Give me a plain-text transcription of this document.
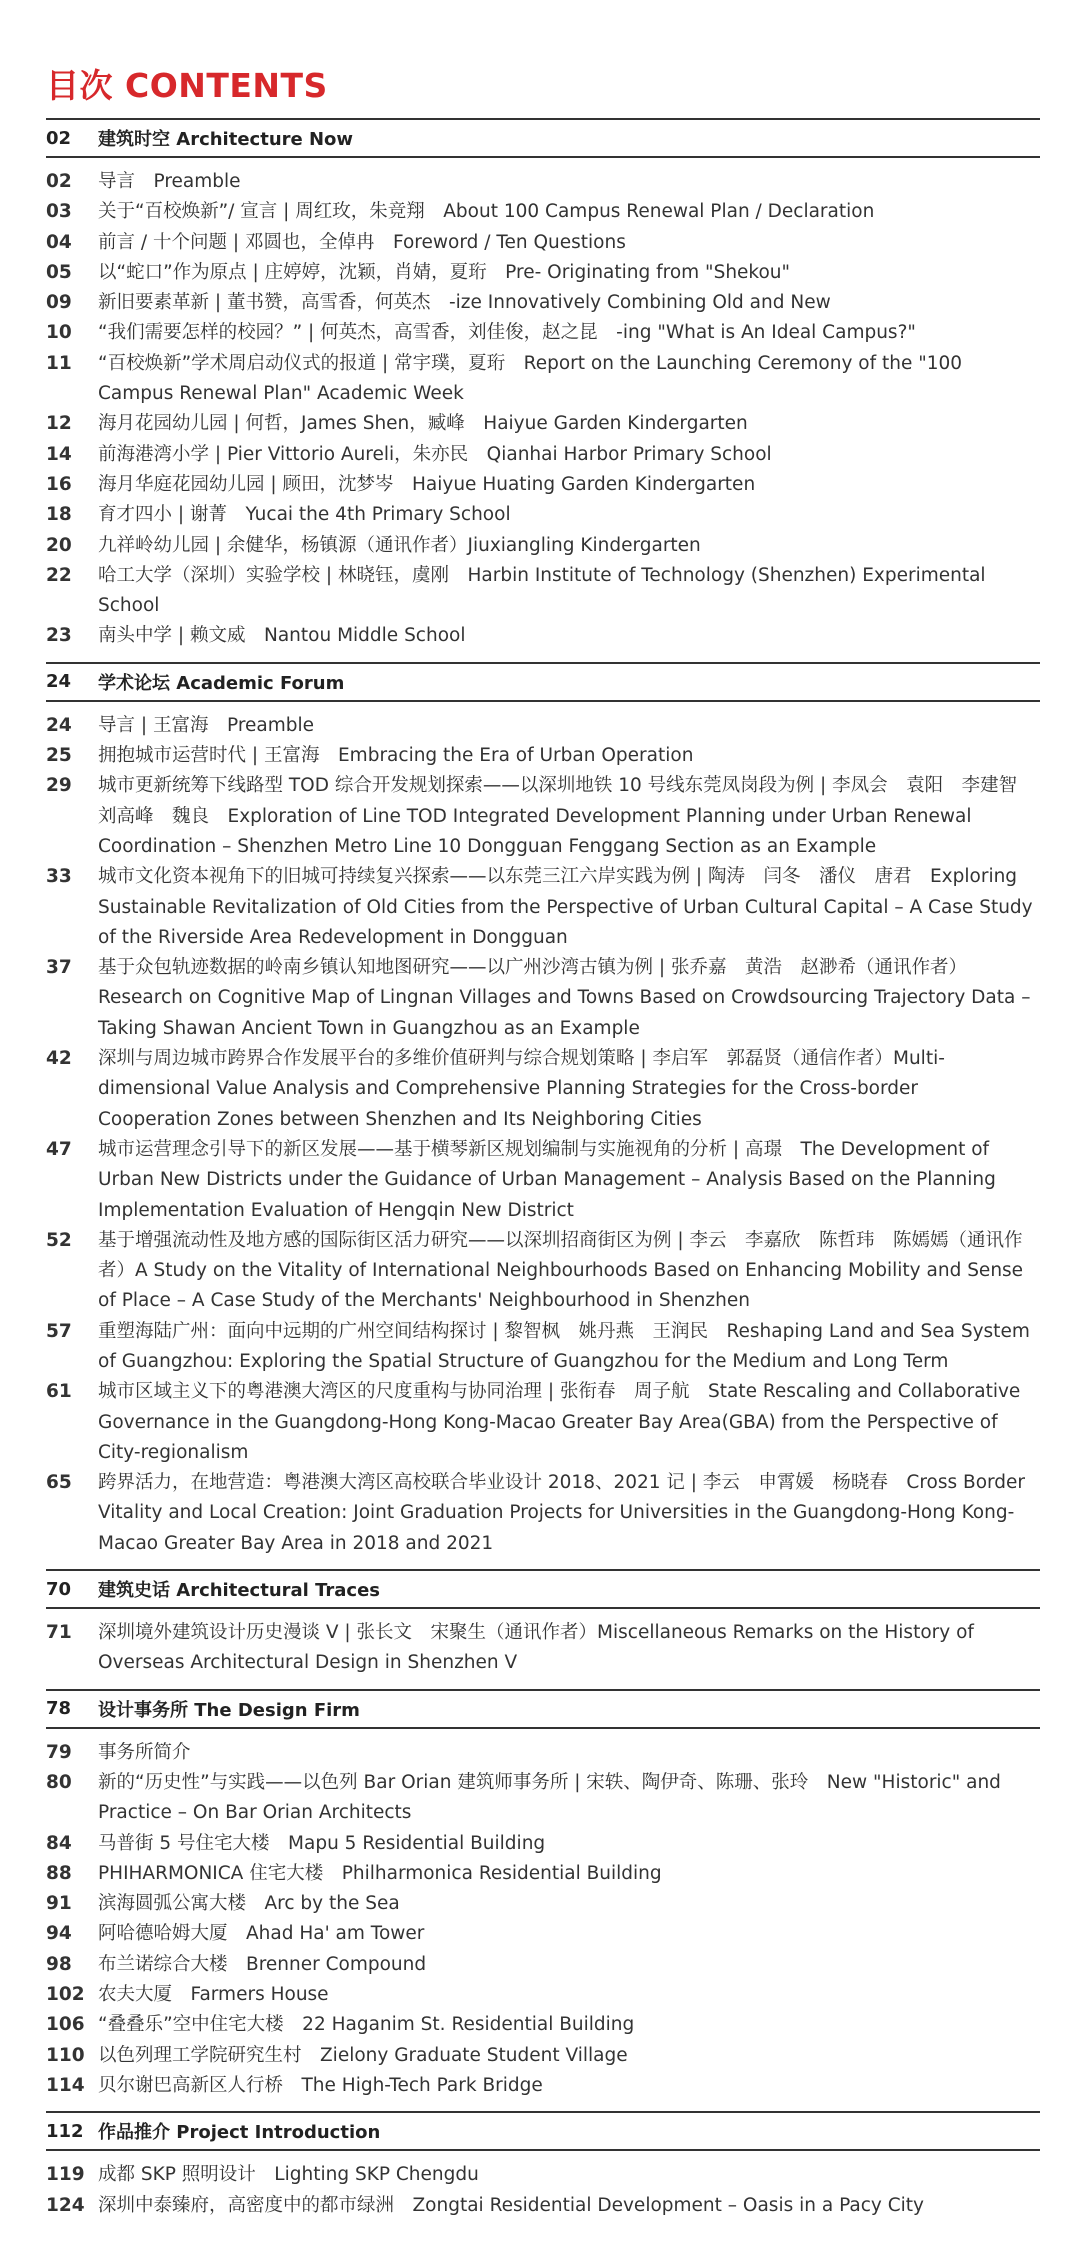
目次 CONTENTS
02	建筑时空 Architecture Now
02	导言　Preamble
03	关于“百校焕新”/ 宣言 | 周红玫，朱竞翔　About 100 Campus Renewal Plan / Declaration
04	前言 / 十个问题 | 邓圆也，全倬冉　Foreword / Ten Questions
05	以“蛇口”作为原点 | 庄婷婷，沈颖，肖婧，夏珩　Pre- Originating from "Shekou"
09	新旧要素革新 | 董书赞，高雪香，何英杰　-ize Innovatively Combining Old and New
10	“我们需要怎样的校园？” | 何英杰，高雪香，刘佳俊，赵之昆　-ing "What is An Ideal Campus?"
11	“百校焕新”学术周启动仪式的报道 | 常宇璞，夏珩　Report on the Launching Ceremony of the "100 Campus Renewal Plan" Academic Week
12	海月花园幼儿园 | 何哲，James Shen，臧峰　Haiyue Garden Kindergarten
14	前海港湾小学 | Pier Vittorio Aureli，朱亦民　Qianhai Harbor Primary School
16	海月华庭花园幼儿园 | 顾田，沈梦岑　Haiyue Huating Garden Kindergarten
18	育才四小 | 谢菁　Yucai the 4th Primary School
20	九祥岭幼儿园 | 余健华，杨镇源（通讯作者）Jiuxiangling Kindergarten
22	哈工大学（深圳）实验学校 | 林晓钰，虞刚　Harbin Institute of Technology (Shenzhen) Experimental School
23	南头中学 | 赖文威　Nantou Middle School
24	学术论坛 Academic Forum
24	导言 | 王富海　Preamble
25	拥抱城市运营时代 | 王富海　Embracing the Era of Urban Operation
29	城市更新统筹下线路型 TOD 综合开发规划探索——以深圳地铁 10 号线东莞凤岗段为例 | 李凤会　袁阳　李建智　刘高峰　魏良　Exploration of Line TOD Integrated Development Planning under Urban Renewal Coordination – Shenzhen Metro Line 10 Dongguan Fenggang Section as an Example
33	城市文化资本视角下的旧城可持续复兴探索——以东莞三江六岸实践为例 | 陶涛　闫冬　潘仪　唐君　Exploring Sustainable Revitalization of Old Cities from the Perspective of Urban Cultural Capital – A Case Study of the Riverside Area Redevelopment in Dongguan
37	基于众包轨迹数据的岭南乡镇认知地图研究——以广州沙湾古镇为例 | 张乔嘉　黄浩　赵渺希（通讯作者）Research on Cognitive Map of Lingnan Villages and Towns Based on Crowdsourcing Trajectory Data – Taking Shawan Ancient Town in Guangzhou as an Example
42	深圳与周边城市跨界合作发展平台的多维价值研判与综合规划策略 | 李启军　郭磊贤（通信作者）Multi-dimensional Value Analysis and Comprehensive Planning Strategies for the Cross-border Cooperation Zones between Shenzhen and Its Neighboring Cities
47	城市运营理念引导下的新区发展——基于横琴新区规划编制与实施视角的分析 | 高璟　The Development of Urban New Districts under the Guidance of Urban Management – Analysis Based on the Planning Implementation Evaluation of Hengqin New District
52	基于增强流动性及地方感的国际街区活力研究——以深圳招商街区为例 | 李云　李嘉欣　陈哲玮　陈嫣嫣（通讯作者）A Study on the Vitality of International Neighbourhoods Based on Enhancing Mobility and Sense of Place – A Case Study of the Merchants' Neighbourhood in Shenzhen
57	重塑海陆广州：面向中远期的广州空间结构探讨 | 黎智枫　姚丹燕　王润民　Reshaping Land and Sea System of Guangzhou: Exploring the Spatial Structure of Guangzhou for the Medium and Long Term
61	城市区域主义下的粤港澳大湾区的尺度重构与协同治理 | 张衔春　周子航　State Rescaling and Collaborative Governance in the Guangdong-Hong Kong-Macao Greater Bay Area(GBA) from the Perspective of City-regionalism
65	跨界活力，在地营造：粤港澳大湾区高校联合毕业设计 2018、2021 记 | 李云　申霄媛　杨晓春　Cross Border Vitality and Local Creation: Joint Graduation Projects for Universities in the Guangdong-Hong Kong-Macao Greater Bay Area in 2018 and 2021
70	建筑史话 Architectural Traces
71	深圳境外建筑设计历史漫谈 Ⅴ | 张长文　宋聚生（通讯作者）Miscellaneous Remarks on the History of Overseas Architectural Design in Shenzhen Ⅴ
78	设计事务所 The Design Firm
79	事务所简介
80	新的“历史性”与实践——以色列 Bar Orian 建筑师事务所 | 宋轶、陶伊奇、陈珊、张玲　New "Historic" and Practice – On Bar Orian Architects
84	马普街 5 号住宅大楼　Mapu 5 Residential Building
88	PHIHARMONICA 住宅大楼　Philharmonica Residential Building
91	滨海圆弧公寓大楼　Arc by the Sea
94	阿哈德哈姆大厦　Ahad Ha' am Tower
98	布兰诺综合大楼　Brenner Compound
102 农夫大厦　Farmers House
106 “叠叠乐”空中住宅大楼　22 Haganim St. Residential Building
110 以色列理工学院研究生村　Zielony Graduate Student Village
114 贝尔谢巴高新区人行桥　The High-Tech Park Bridge
112 作品推介 Project Introduction
119 成都 SKP 照明设计　Lighting SKP Chengdu
124 深圳中泰臻府，高密度中的都市绿洲　Zongtai Residential Development – Oasis in a Pacy City
